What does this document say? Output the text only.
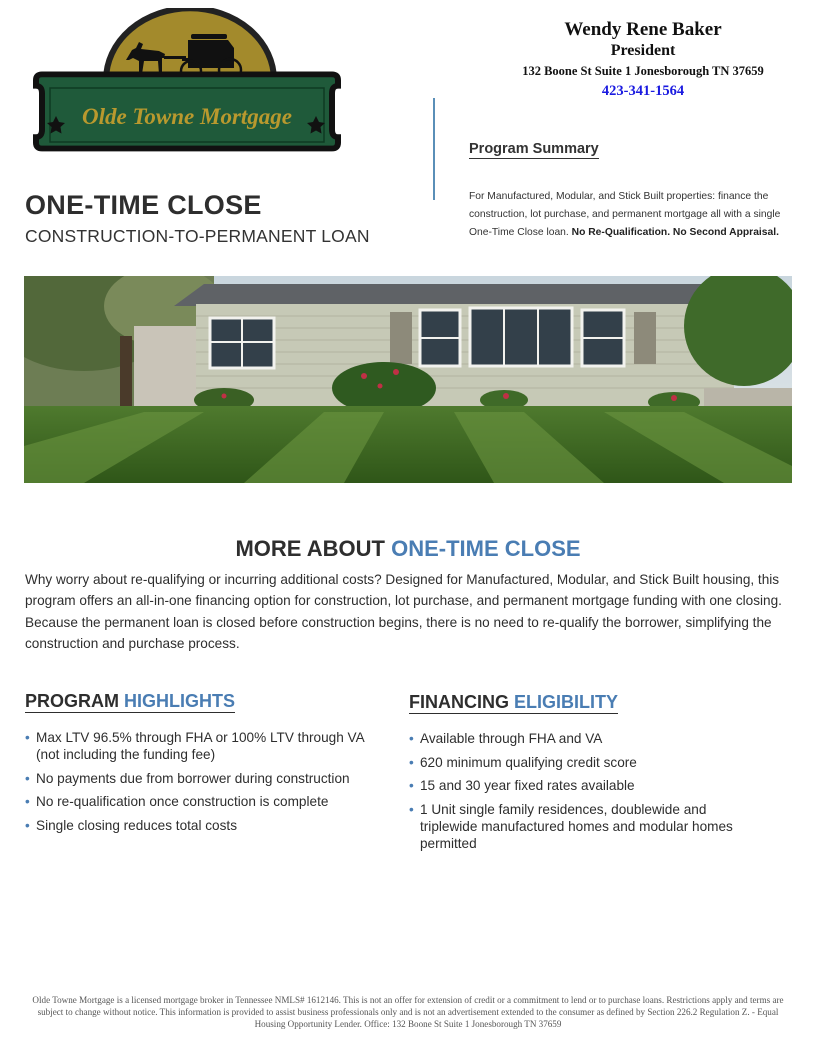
Olde Towne Mortgage
Wendy Rene Baker
President
132 Boone St Suite 1 Jonesborough TN 37659
423-341-1564
Program Summary
For Manufactured, Modular, and Stick Built properties: finance the construction, lot purchase, and permanent mortgage all with a single One-Time Close loan. No Re-Qualification. No Second Appraisal.
ONE-TIME CLOSE
CONSTRUCTION-TO-PERMANENT LOAN
MORE ABOUT ONE-TIME CLOSE
Why worry about re-qualifying or incurring additional costs? Designed for Manufactured, Modular, and Stick Built housing, this program offers an all-in-one financing option for construction, lot purchase, and permanent mortgage funding with one closing. Because the permanent loan is closed before construction begins, there is no need to re-qualify the borrower, simplifying the construction and purchase process.
PROGRAM HIGHLIGHTS
• Max LTV 96.5% through FHA or 100% LTV through VA (not including the funding fee)
• No payments due from borrower during construction
• No re-qualification once construction is complete
• Single closing reduces total costs
FINANCING ELIGIBILITY
• Available through FHA and VA
• 620 minimum qualifying credit score
• 15 and 30 year fixed rates available
• 1 Unit single family residences, doublewide and triplewide manufactured homes and modular homes permitted
Olde Towne Mortgage is a licensed mortgage broker in Tennessee NMLS# 1612146. This is not an offer for extension of credit or a commitment to lend or to purchase loans. Restrictions apply and terms are subject to change without notice. This information is provided to assist business professionals only and is not an advertisement extended to the consumer as defined by Section 226.2 Regulation Z. - Equal Housing Opportunity Lender. Office: 132 Boone St Suite 1 Jonesborough TN 37659
